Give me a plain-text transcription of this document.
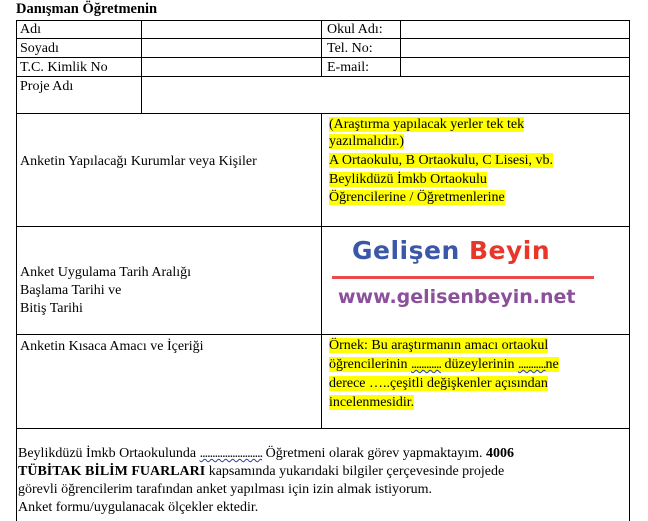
Danışman Öğretmenin
Adı
Soyadı
T.C. Kimlik No
Okul Adı:
Tel. No:
E-mail:
Proje Adı
Anketin Yapılacağı Kurumlar veya Kişiler
(Araştırma yapılacak yerler tek tek
yazılmalıdır.)
A Ortaokulu, B Ortaokulu, C Lisesi, vb.
Beylikdüzü İmkb Ortaokulu
Öğrencilerine / Öğretmenlerine
Anket Uygulama Tarih Aralığı
Başlama Tarihi ve
Bitiş Tarihi
Gelişen Beyin
www.gelisenbeyin.net
Anketin Kısaca Amacı ve İçeriği	Örnek: Bu araştırmanın amacı ortaokul
öğrencilerinin ............ düzeylerinin ...........ne
derece …..çeşitli değişkenler açısından
incelenmesidir.
Beylikdüzü İmkb Ortaokulunda ......................... Öğretmeni olarak görev yapmaktayım. 4006
TÜBİTAK BİLİM FUARLARI kapsamında yukarıdaki bilgiler çerçevesinde projede
görevli öğrencilerim tarafından anket yapılması için izin almak istiyorum.
Anket formu/uygulanacak ölçekler ektedir.
